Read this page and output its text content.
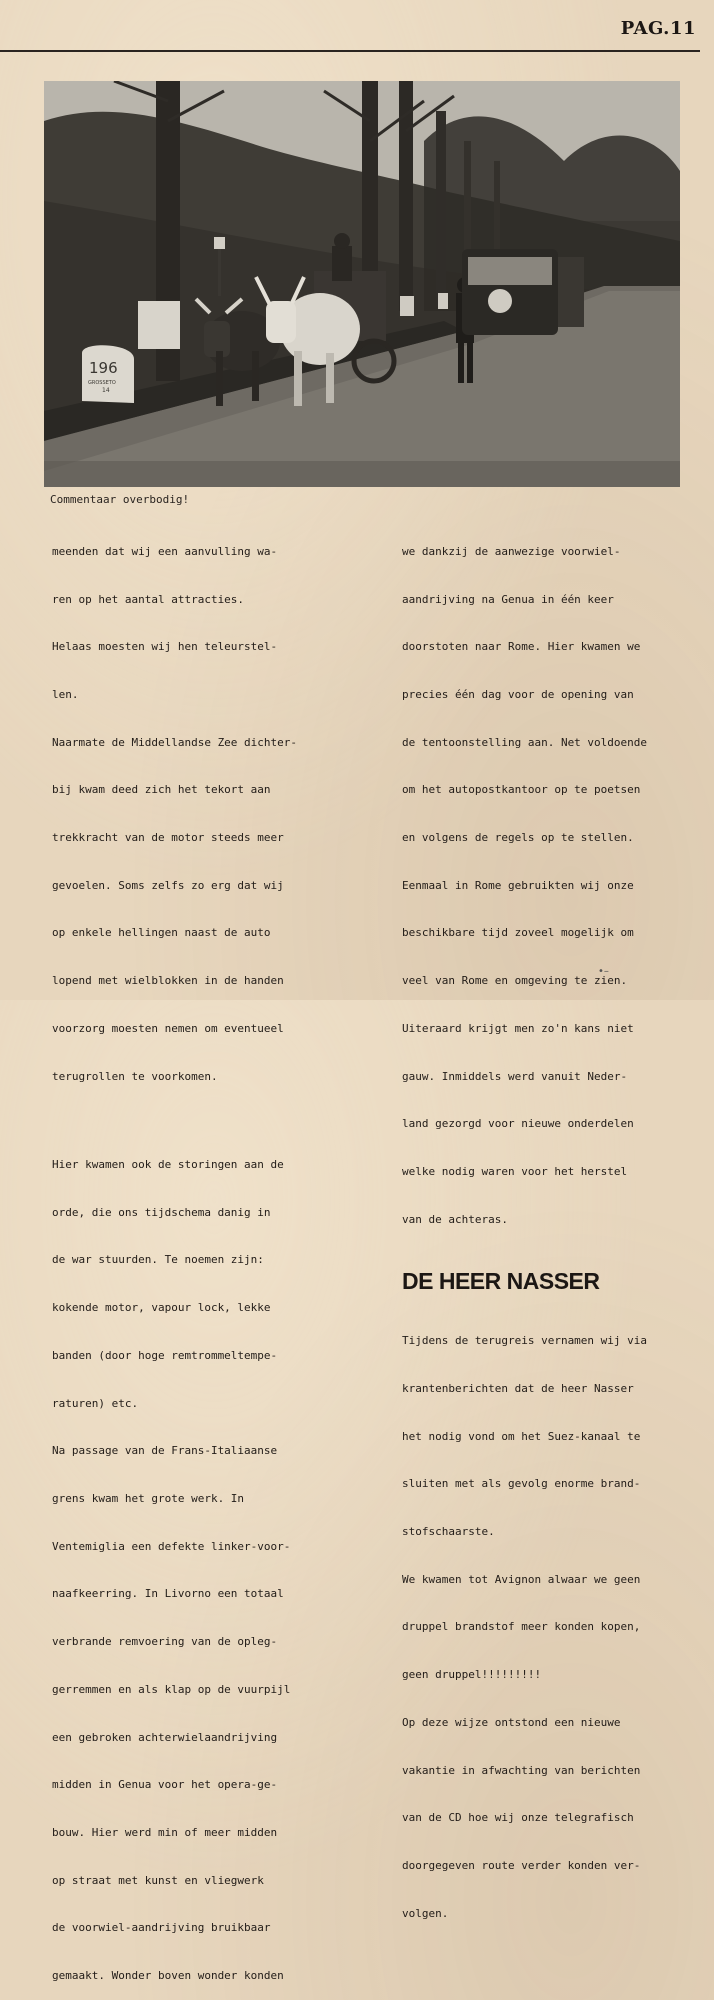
PAG.11
196
GROSSETO
14
Commentaar overbodig!

meenden dat wij een aanvulling wa-

ren op het aantal attracties.

Helaas moesten wij hen teleurstel-

len.

Naarmate de Middellandse Zee dichter-

bij kwam deed zich het tekort aan

trekkracht van de motor steeds meer

gevoelen. Soms zelfs zo erg dat wij

op enkele hellingen naast de auto

lopend met wielblokken in de handen

voorzorg moesten nemen om eventueel

terugrollen te voorkomen.

Hier kwamen ook de storingen aan de

orde, die ons tijdschema danig in

de war stuurden. Te noemen zijn:

kokende motor, vapour lock, lekke

banden (door hoge remtrommeltempe-

raturen) etc.

Na passage van de Frans-Italiaanse

grens kwam het grote werk. In

Ventemiglia een defekte linker-voor-

naafkeerring. In Livorno een totaal

verbrande remvoering van de opleg-

gerremmen en als klap op de vuurpijl

een gebroken achterwielaandrijving

midden in Genua voor het opera-ge-

bouw. Hier werd min of meer midden

op straat met kunst en vliegwerk

de voorwiel-aandrijving bruikbaar

gemaakt. Wonder boven wonder konden

we dankzij de aanwezige voorwiel-

aandrijving na Genua in één keer

doorstoten naar Rome. Hier kwamen we

precies één dag voor de opening van

de tentoonstelling aan. Net voldoende

om het autopostkantoor op te poetsen

en volgens de regels op te stellen.

Eenmaal in Rome gebruikten wij onze

beschikbare tijd zoveel mogelijk om

veel van Rome en omgeving te zien.

Uiteraard krijgt men zo'n kans niet

gauw. Inmiddels werd vanuit Neder-

land gezorgd voor nieuwe onderdelen

welke nodig waren voor het herstel

van de achteras.

DE HEER NASSER

Tijdens de terugreis vernamen wij via

krantenberichten dat de heer Nasser

het nodig vond om het Suez-kanaal te

sluiten met als gevolg enorme brand-

stofschaarste.

We kwamen tot Avignon alwaar we geen

druppel brandstof meer konden kopen,

geen druppel!!!!!!!!!

Op deze wijze ontstond een nieuwe

vakantie in afwachting van berichten

van de CD hoe wij onze telegrafisch

doorgegeven route verder konden ver-

volgen.

•–
